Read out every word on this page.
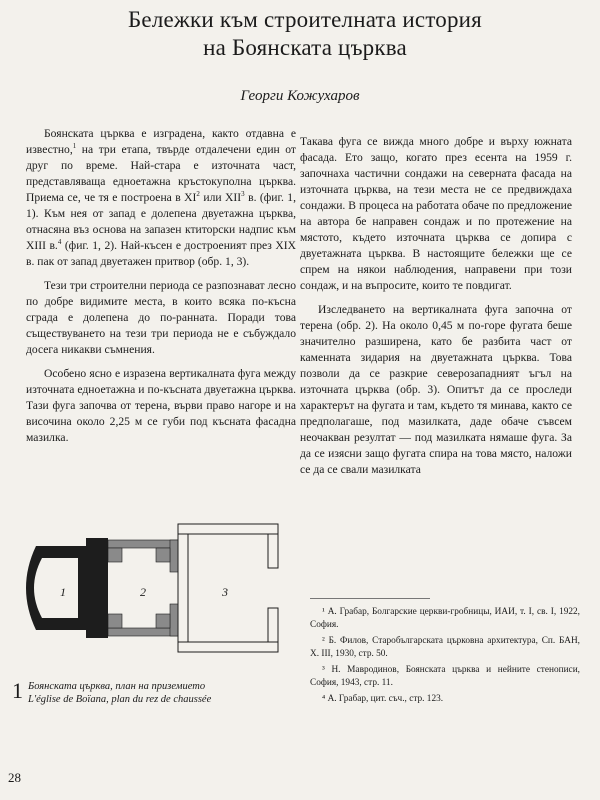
Бележки към строителната история
на Боянската църква
Георги Кожухаров

Боянската църква е изградена, както отдавна е известно,$^1$ на три етапа, твърде отдалечени един от друг по време. Най-стара е източната част, представляваща еднoетажна кръстокуполна църква. Приема се, че тя е построена в $XI^2$ или XII$^3$ в. (фиг. 1, 1). Към нея от запад е долепена двуетажна църква, отнасяна въз основа на запазен ктиторски надпис към XIII в.$^4$ (фиг. 1, 2). Най-късен е достроеният през XIX в. пак от запад двуетажен притвор (обр. 1, 3).

Тези три строителни периода се разпознават лесно по добре видимите места, в които всяка по-късна сграда е долепена до по-ранната. Поради това съществуването на тези три периода не е събуждало досега никакви съмнения.

Особено ясно е изразена вертикалната фуга между източната едноетажна и по-късната двуетажна църква. Тази фуга започва от терена, върви право нагоре и на височина около 2,25 м се губи под късната фасадна мазилка.

Такава фуга се вижда много добре и върху южната фасада. Ето защо, когато през есента на 1959 г. започнаха частични сондажи на северната фасада на източната църква, на тези места не се предвиждаха сондажи. В процеса на работата обаче по предложение на автора бе направен сондаж и по протежение на мястото, където източната църква се допира с двуетажната църква. В настоящите бележки ще се спрем на някои наблюдения, направени при този сондаж, и на въпросите, които те повдигат.

Изследването на вертикалната фуга започна от терена (обр. 2). На около 0,45 м по-горе фугата беше значително разширена, като бе разбита част от каменната зидария на двуетажната църква. Това позволи да се разкрие северозападният ъгъл на източната църква (обр. 3). Опитът да се проследи характерът на фугата и там, където тя минава, както се предполагаше, под мазилката, даде обаче съвсем неочакван резултат — под мазилката нямаше фуга. За да се изясни защо фугата спира на това място, наложи се да се свали мазилката

1	2	3
1 Боянската църква, план на приземието
L'église de Boïana, plan du rez de chaussée

¹ А. Грабар, Болгарские церкви-гробницы, ИАИ, т. I, св. I, 1922, София.

² Б. Филов, Старобългарската църковна архитектура, Сп. БАН, Х. III, 1930, стр. 50.

³ Н. Мавродинов, Боянската църква и нейните стенописи, София, 1943, стр. 11.

⁴ А. Грабар, цит. съч., стр. 123.

28
